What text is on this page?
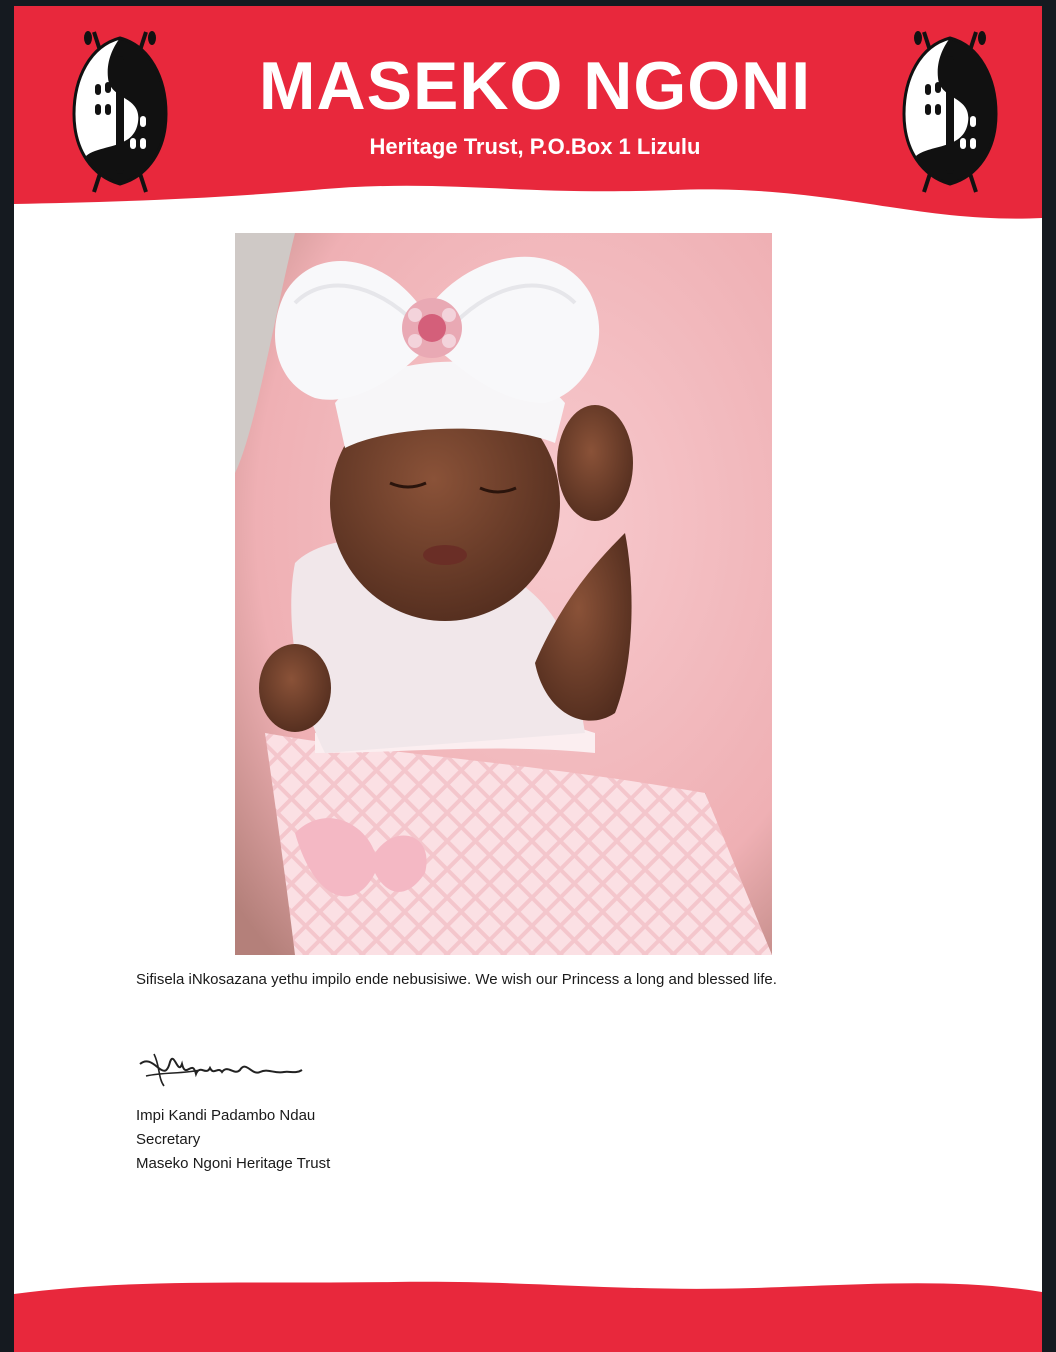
MASEKO NGONI
Heritage Trust, P.O.Box 1 Lizulu
Sifisela iNkosazana yethu impilo ende nebusisiwe. We wish our Princess a long and blessed life.
Impi Kandi Padambo Ndau
Secretary
Maseko Ngoni Heritage Trust
